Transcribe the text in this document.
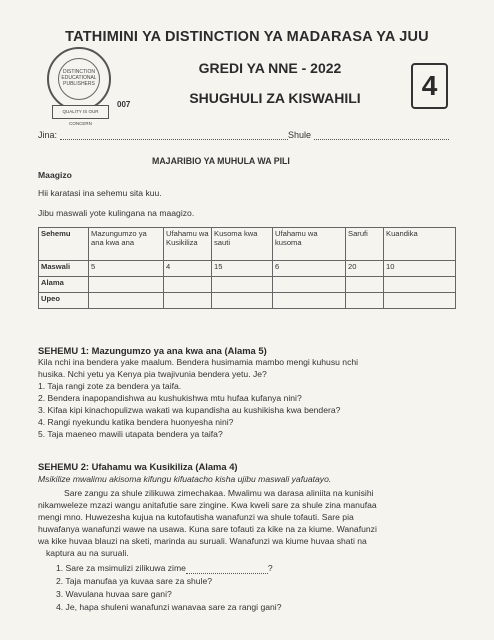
TATHIMINI YA DISTINCTION YA MADARASA YA JUU
DISTINCTION EDUCATIONAL PUBLISHERS
QUALITY IS OUR CONCERN
007
GREDI YA NNE - 2022
SHUGHULI ZA KISWAHILI	4
Jina:	Shule
MAJARIBIO YA MUHULA WA PILI
Maagizo
Hii karatasi ina sehemu sita kuu.
Jibu maswali yote kulingana na maagizo.
Sehemu	Mazungumzo ya ana kwa ana	Ufahamu wa Kusikiliza	Kusoma kwa sauti	Ufahamu wa kusoma	Sarufi	Kuandika
Maswali	5	4	15	6	20	10
Alama						
Upeo						
SEHEMU 1: Mazungumzo ya ana kwa ana (Alama 5)
Kila nchi ina bendera yake maalum. Bendera husimamia mambo mengi kuhusu nchi
husika. Nchi yetu ya Kenya pia twajivunia bendera yetu. Je?
1. Taja rangi zote za bendera ya taifa.
2. Bendera inapopandishwa au kushukishwa mtu hufaa kufanya nini?
3. Kifaa kipi kinachopulizwa wakati wa kupandisha au kushikisha kwa bendera?
4. Rangi nyekundu katika bendera huonyesha nini?
5. Taja maeneo mawili utapata bendera ya taifa?
SEHEMU 2: Ufahamu wa Kusikiliza (Alama 4)
Msikilize mwalimu akisoma kifungu kifuatacho kisha ujibu maswali yafuatayo.
Sare zangu za shule zilikuwa zimechakaa. Mwalimu wa darasa aliniita na kunisihi
nikamweleze mzazi wangu anitafutie sare zingine. Kwa kweli sare za shule zina manufaa
mengi mno. Huwezesha kujua na kutofautisha wanafunzi wa shule tofauti. Sare pia
huwafanya wanafunzi wawe na usawa. Kuna sare tofauti za kike na za kiume. Wanafunzi
wa kike huvaa blauzi na sketi, marinda au suruali. Wanafunzi wa kiume huvaa shati na
kaptura au na suruali.
1. Sare za msimulizi zilikuwa zime	?
2. Taja manufaa ya kuvaa sare za shule?
3. Wavulana huvaa sare gani?
4. Je, hapa shuleni wanafunzi wanavaa sare za rangi gani?
